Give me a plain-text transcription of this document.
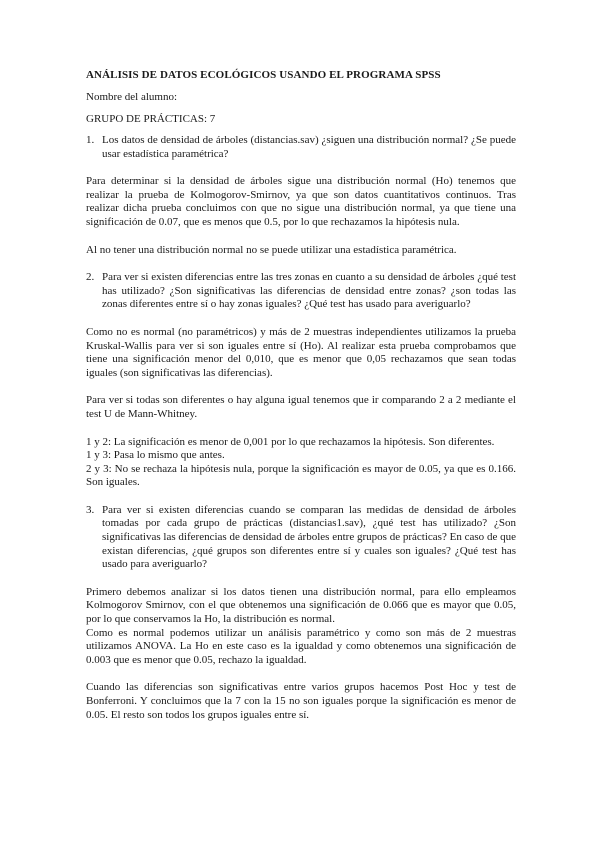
ANÁLISIS DE DATOS ECOLÓGICOS USANDO EL PROGRAMA SPSS
Nombre del alumno:
GRUPO DE PRÁCTICAS: 7
1. Los datos de densidad de árboles (distancias.sav) ¿siguen una distribución normal? ¿Se puede usar estadística paramétrica?

Para determinar si la densidad de árboles sigue una distribución normal (Ho) tenemos que realizar la prueba de Kolmogorov-Smirnov, ya que son datos cuantitativos continuos. Tras realizar dicha prueba concluimos con que no sigue una distribución normal, ya que tiene una significación de 0.07, que es menos que 0.5, por lo que rechazamos la hipótesis nula.

Al no tener una distribución normal no se puede utilizar una estadística paramétrica.

2. Para ver si existen diferencias entre las tres zonas en cuanto a su densidad de árboles ¿qué test has utilizado? ¿Son significativas las diferencias de densidad entre zonas? ¿son todas las zonas diferentes entre sí o hay zonas iguales? ¿Qué test has usado para averiguarlo?

Como no es normal (no paramétricos) y más de 2 muestras independientes utilizamos la prueba Kruskal-Wallis para ver si son iguales entre sí (Ho). Al realizar esta prueba comprobamos que tiene una significación menor del 0,010, que es menor que 0,05 rechazamos que sean todas iguales (son significativas las diferencias).

Para ver si todas son diferentes o hay alguna igual tenemos que ir comparando 2 a 2 mediante el test U de Mann-Whitney.

1 y 2: La significación es menor de 0,001 por lo que rechazamos la hipótesis. Son diferentes.

1 y 3: Pasa lo mismo que antes.

2 y 3: No se rechaza la hipótesis nula, porque la significación es mayor de 0.05, ya que es 0.166. Son iguales.

3. Para ver si existen diferencias cuando se comparan las medidas de densidad de árboles tomadas por cada grupo de prácticas (distancias1.sav), ¿qué test has utilizado? ¿Son significativas las diferencias de densidad de árboles entre grupos de prácticas? En caso de que existan diferencias, ¿qué grupos son diferentes entre sí y cuales son iguales? ¿Qué test has usado para averiguarlo?

Primero debemos analizar si los datos tienen una distribución normal, para ello empleamos Kolmogorov Smirnov, con el que obtenemos una significación de 0.066 que es mayor que 0.05, por lo que conservamos la Ho, la distribución es normal.

Como es normal podemos utilizar un análisis paramétrico y como son más de 2 muestras utilizamos ANOVA. La Ho en este caso es la igualdad y como obtenemos una significación de 0.003 que es menor que 0.05, rechazo la igualdad.

Cuando las diferencias son significativas entre varios grupos hacemos Post Hoc y test de Bonferroni. Y concluimos que la 7 con la 15 no son iguales porque la significación es menor de 0.05. El resto son todos los grupos iguales entre sí.
